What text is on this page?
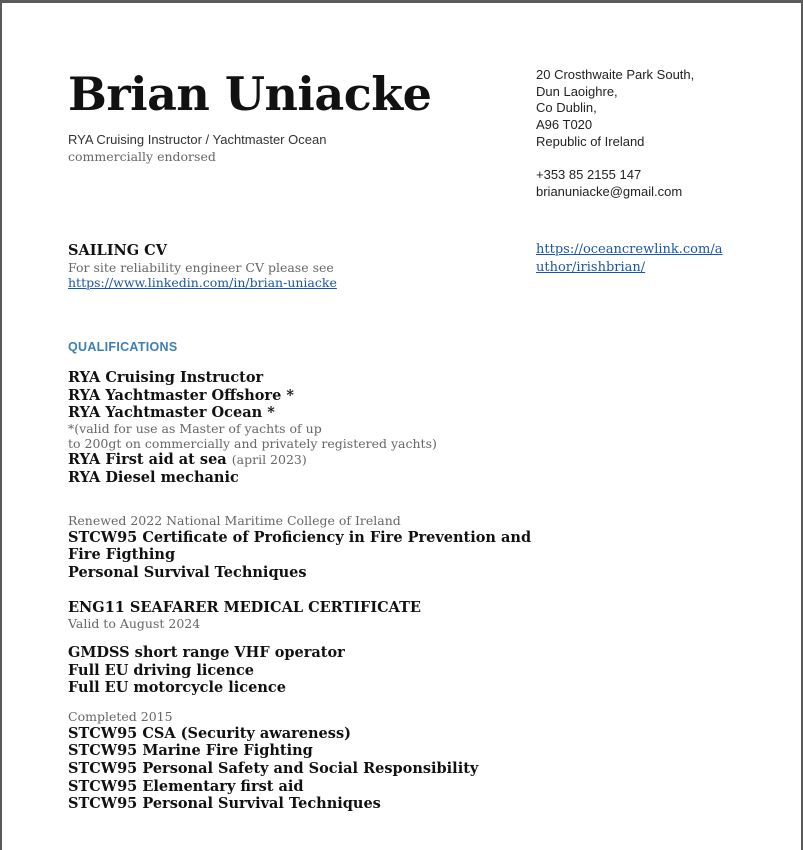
Brian Uniacke
RYA Cruising Instructor / Yachtmaster Ocean
commercially endorsed
20 Crosthwaite Park South,
Dun Laoighre,
Co Dublin,
A96 T020
Republic of Ireland
+353 85 2155 147
brianuniacke@gmail.com
https://oceancrewlink.com/author/irishbrian/
SAILING CV
For site reliability engineer CV please see
https://www.linkedin.com/in/brian-uniacke
QUALIFICATIONS
RYA Cruising Instructor
RYA Yachtmaster Offshore *
RYA Yachtmaster Ocean *
*(valid for use as Master of yachts of up
to 200gt on commercially and privately registered yachts)
RYA First aid at sea (april 2023)
RYA Diesel mechanic
Renewed 2022 National Maritime College of Ireland
STCW95 Certificate of Proficiency in Fire Prevention and
Fire Figthing
Personal Survival Techniques
ENG11 SEAFARER MEDICAL CERTIFICATE
Valid to August 2024
GMDSS short range VHF operator
Full EU driving licence
Full EU motorcycle licence
Completed 2015
STCW95 CSA (Security awareness)
STCW95 Marine Fire Fighting
STCW95 Personal Safety and Social Responsibility
STCW95 Elementary first aid
STCW95 Personal Survival Techniques
